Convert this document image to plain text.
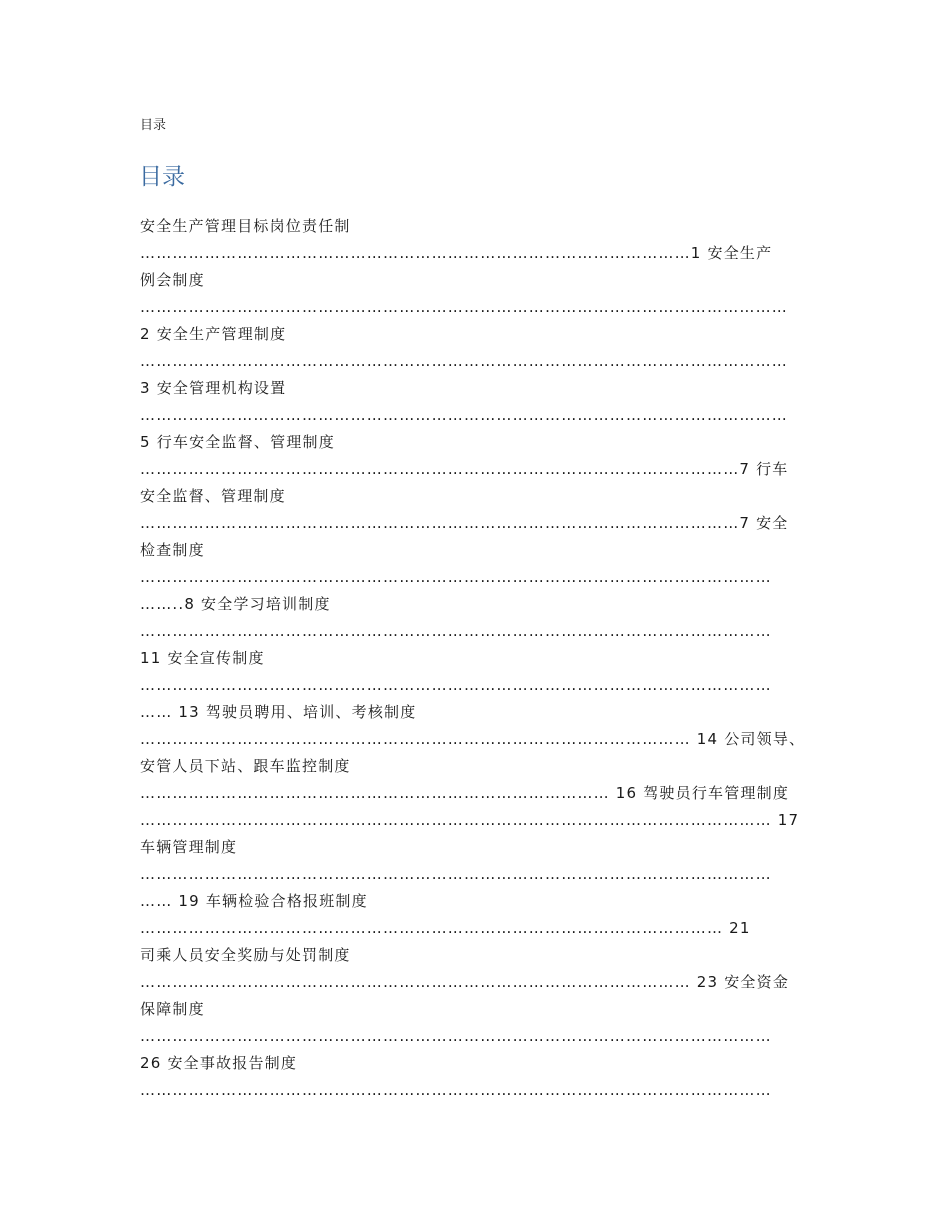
目录
目录
安全生产管理目标岗位责任制
…………………………………………………………………………………………1 安全生产
例会制度
…………………………………………………………………………………………………………
2 安全生产管理制度
…………………………………………………………………………………………………………
3 安全管理机构设置
…………………………………………………………………………………………………………
5 行车安全监督、管理制度
…………………………………………………………………………………………………7 行车
安全监督、管理制度
…………………………………………………………………………………………………7 安全
检查制度
………………………………………………………………………………………………………
……..8 安全学习培训制度
………………………………………………………………………………………………………
11 安全宣传制度
………………………………………………………………………………………………………
…… 13 驾驶员聘用、培训、考核制度
………………………………………………………………………………………… 14 公司领导、
安管人员下站、跟车监控制度
…………………………………………………………………………… 16 驾驶员行车管理制度
……………………………………………………………………………………………………… 17
车辆管理制度
………………………………………………………………………………………………………
…… 19 车辆检验合格报班制度
……………………………………………………………………………………………… 21
司乘人员安全奖励与处罚制度
………………………………………………………………………………………… 23 安全资金
保障制度
………………………………………………………………………………………………………
26 安全事故报告制度
………………………………………………………………………………………………………
